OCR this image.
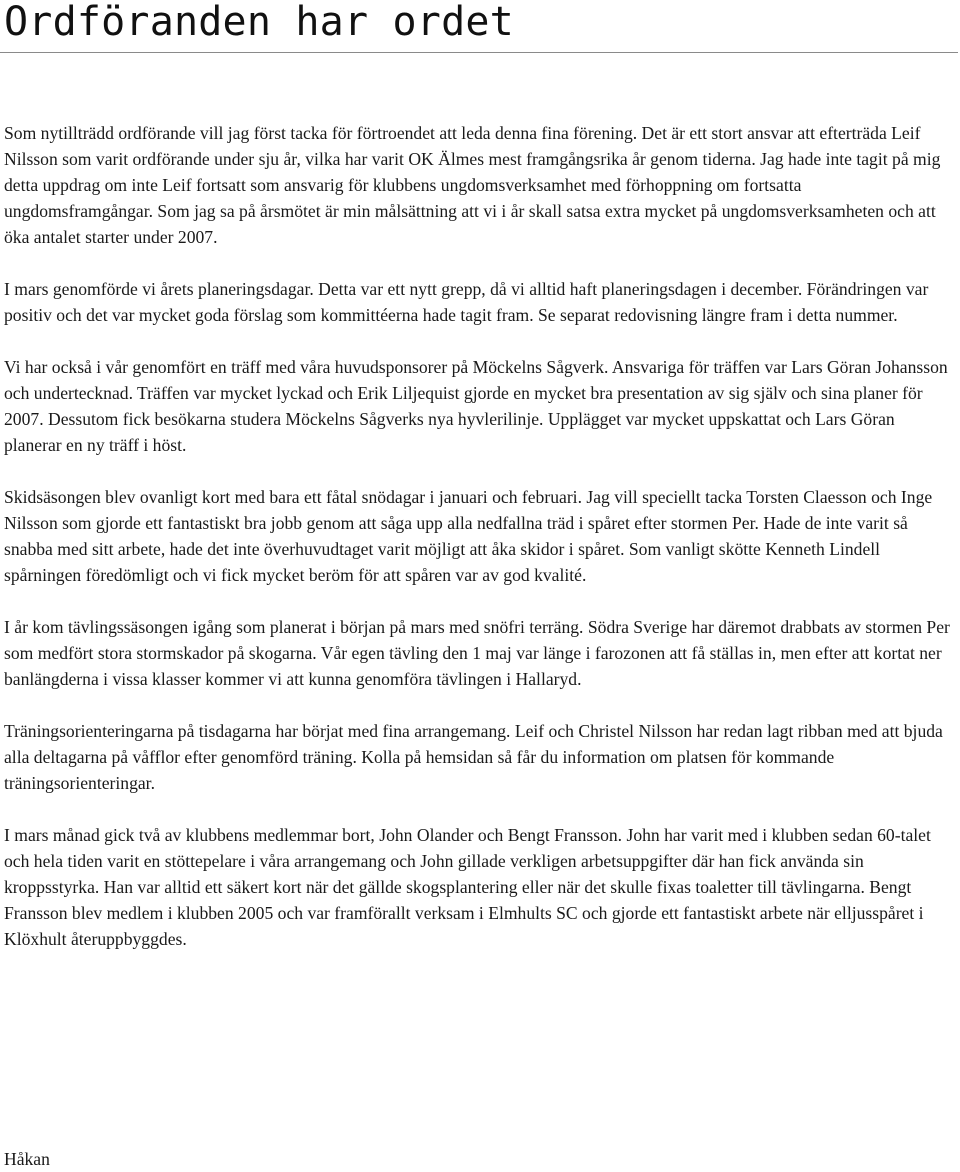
Ordföranden har ordet

Som nytillträdd ordförande vill jag först tacka för förtroendet att leda denna fina förening. Det är ett stort ansvar att efterträda Leif Nilsson som varit ordförande under sju år, vilka har varit OK Älmes mest framgångsrika år genom tiderna. Jag hade inte tagit på mig detta uppdrag om inte Leif fortsatt som ansvarig för klubbens ungdomsverksamhet med förhoppning om fortsatta ungdomsframgångar. Som jag sa på årsmötet är min målsättning att vi i år skall satsa extra mycket på ungdomsverksamheten och att öka antalet starter under 2007.

I mars genomförde vi årets planeringsdagar. Detta var ett nytt grepp, då vi alltid haft planeringsdagen i december. Förändringen var positiv och det var mycket goda förslag som kommittéerna hade tagit fram. Se separat redovisning längre fram i detta nummer.

Vi har också i vår genomfört en träff med våra huvudsponsorer på Möckelns Sågverk. Ansvariga för träffen var Lars Göran Johansson och undertecknad. Träffen var mycket lyckad och Erik Liljequist gjorde en mycket bra presentation av sig själv och sina planer för 2007. Dessutom fick besökarna studera Möckelns Sågverks nya hyvlerilinje. Upplägget var mycket uppskattat och Lars Göran planerar en ny träff i höst.

Skidsäsongen blev ovanligt kort med bara ett fåtal snödagar i januari och februari. Jag vill speciellt tacka Torsten Claesson och Inge Nilsson som gjorde ett fantastiskt bra jobb genom att såga upp alla nedfallna träd i spåret efter stormen Per. Hade de inte varit så snabba med sitt arbete, hade det inte överhuvudtaget varit möjligt att åka skidor i spåret. Som vanligt skötte Kenneth Lindell spårningen föredömligt och vi fick mycket beröm för att spåren var av god kvalité.

I år kom tävlingssäsongen igång som planerat i början på mars med snöfri terräng. Södra Sverige har däremot drabbats av stormen Per som medfört stora stormskador på skogarna. Vår egen tävling den 1 maj var länge i farozonen att få ställas in, men efter att kortat ner banlängderna i vissa klasser kommer vi att kunna genomföra tävlingen i Hallaryd.

Träningsorienteringarna på tisdagarna har börjat med fina arrangemang. Leif och Christel Nilsson har redan lagt ribban med att bjuda alla deltagarna på våfflor efter genomförd träning. Kolla på hemsidan så får du information om platsen för kommande träningsorienteringar.

I mars månad gick två av klubbens medlemmar bort, John Olander och Bengt Fransson. John har varit med i klubben sedan 60-talet och hela tiden varit en stöttepelare i våra arrangemang och John gillade verkligen arbetsuppgifter där han fick använda sin kroppsstyrka. Han var alltid ett säkert kort när det gällde skogsplantering eller när det skulle fixas toaletter till tävlingarna. Bengt Fransson blev medlem i klubben 2005 och var framförallt verksam i Elmhults SC och gjorde ett fantastiskt arbete när elljusspåret i Klöxhult återuppbyggdes.

Håkan
